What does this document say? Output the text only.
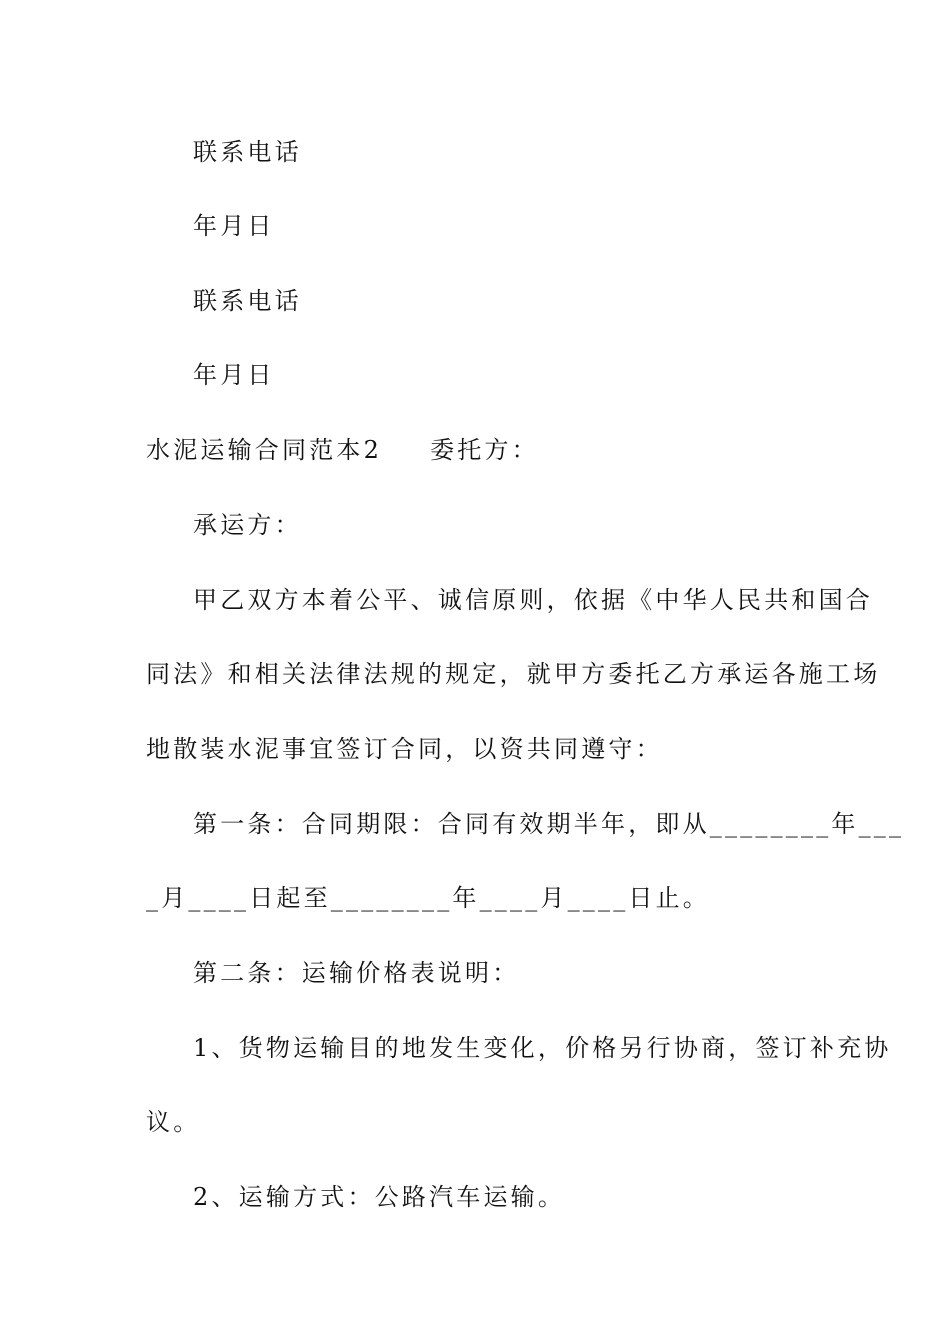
联系电话
年月日
联系电话
年月日
水泥运输合同范本2 委托方：
承运方：
甲乙双方本着公平、诚信原则，依据《中华人民共和国合
同法》和相关法律法规的规定，就甲方委托乙方承运各施工场
地散装水泥事宜签订合同，以资共同遵守：
第一条：合同期限：合同有效期半年，即从________年___
_月____日起至________年____月____日止。
第二条：运输价格表说明：
1、货物运输目的地发生变化，价格另行协商，签订补充协
议。
2、运输方式：公路汽车运输。
